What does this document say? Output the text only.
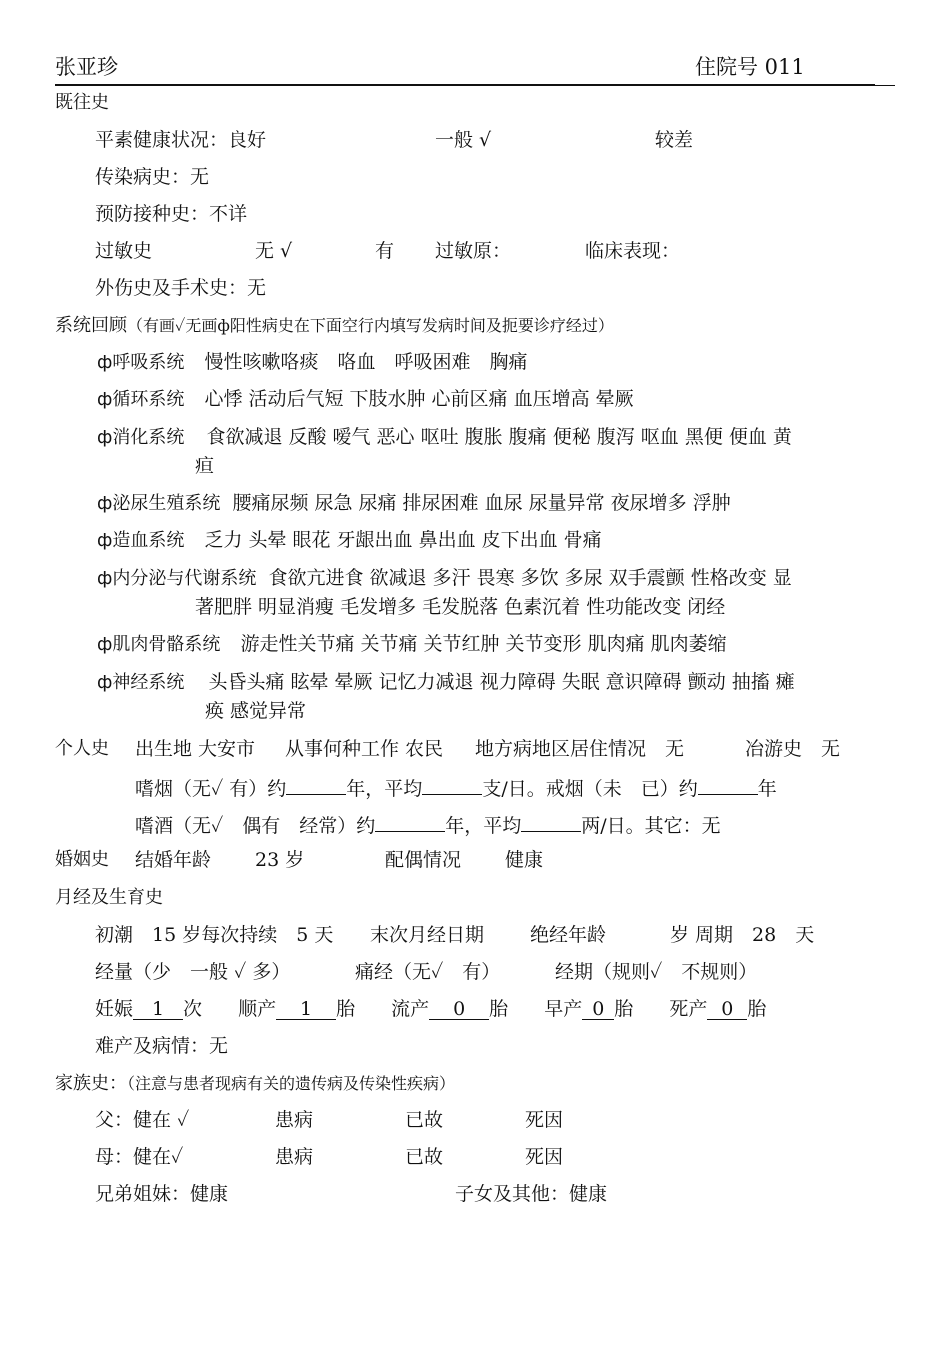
张亚珍	住院号 011
既往史
平素健康状况：良好	一般 √	较差
传染病史：无
预防接种史：不详
过敏史	无 √	有 过敏原：	临床表现：
外伤史及手术史：无
系统回顾（有画✓无画ф阳性病史在下面空行内填写发病时间及扼要诊疗经过）
ф呼吸系统 慢性咳嗽咯痰　咯血　呼吸困难　胸痛
ф循环系统 心悸 活动后气短 下肢水肿 心前区痛 血压增高 晕厥
ф消化系统 食欲减退 反酸 嗳气 恶心 呕吐 腹胀 腹痛 便秘 腹泻 呕血 黑便 便血 黄
疸
ф泌尿生殖系统 腰痛尿频 尿急 尿痛 排尿困难 血尿 尿量异常 夜尿增多 浮肿
ф造血系统 乏力 头晕 眼花 牙龈出血 鼻出血 皮下出血 骨痛
ф内分泌与代谢系统 食欲亢进食 欲减退 多汗 畏寒 多饮 多尿 双手震颤 性格改变 显
著肥胖 明显消瘦 毛发增多 毛发脱落 色素沉着 性功能改变 闭经
ф肌肉骨骼系统 游走性关节痛 关节痛 关节红肿 关节变形 肌肉痛 肌肉萎缩
ф神经系统 头昏头痛 眩晕 晕厥 记忆力减退 视力障碍 失眠 意识障碍 颤动 抽搐 瘫
痪 感觉异常
个人史 出生地 大安市 从事何种工作 农民 地方病地区居住情况　无	冶游史　无
嗜烟（无✓ 有）约	年，平均	支/日。戒烟（未　已）约	年
嗜酒（无✓　偶有　经常）约	年，平均	两/日。其它：无
婚姻史 结婚年龄 23 岁	配偶情况 健康
月经及生育史
初潮　15 岁每次持续　5 天 末次月经日期 绝经年龄	岁 周期　28　天
经量（少　一般 ✓ 多）	痛经（无✓　有）	经期（规则✓　不规则）
妊娠 1 次 顺产 1 胎 流产 0 胎 早产 0 胎 死产 0 胎
难产及病情：无
家族史：（注意与患者现病有关的遗传病及传染性疾病）
父：健在 ✓	患病	已故	死因
母：健在✓	患病	已故	死因
兄弟姐妹：健康	子女及其他：健康
